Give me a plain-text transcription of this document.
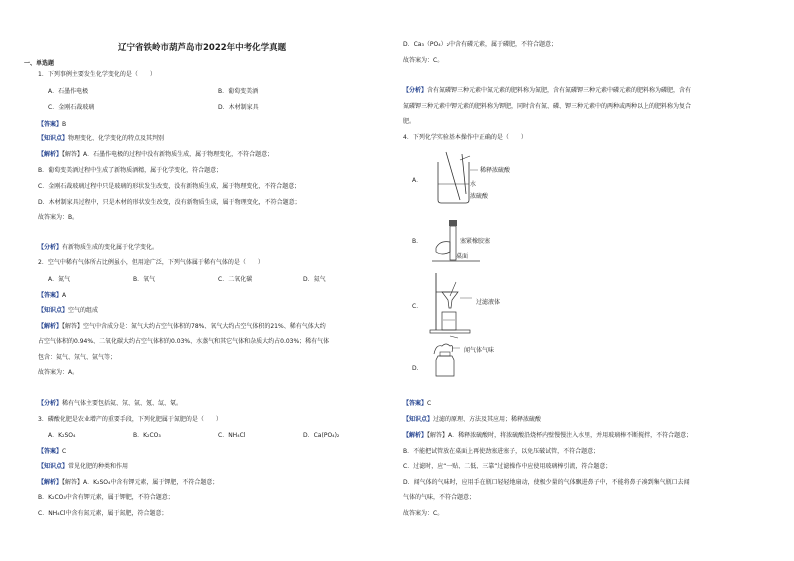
辽宁省铁岭市葫芦岛市2022年中考化学真题
一、单选题
1．下列事例主要发生化学变化的是（　　）
A．石墨作电极	B．葡萄变美酒
C．金刚石裁玻璃	D．木材制家具
【答案】B
【知识点】物理变化、化学变化的特点及其判别
【解析】【解答】A．石墨作电极的过程中没有新物质生成，属于物理变化，不符合题意；
B．葡萄变美酒过程中生成了新物质酒精，属于化学变化，符合题意；
C．金刚石裁玻璃过程中只是玻璃的形状发生改变，没有新物质生成，属于物理变化，不符合题意；
D．木材制家具过程中，只是木材的形状发生改变，没有新物质生成，属于物理变化，不符合题意；
故答案为：B。
【分析】有新物质生成的变化属于化学变化。
2．空气中稀有气体所占比例虽小，但用途广泛，下列气体属于稀有气体的是（　　）
A．氮气	B．氧气	C．二氧化碳	D．氦气
【答案】A
【知识点】空气的组成
【解析】【解答】空气中含成分是：氮气大约占空气体积的78%、氧气大约占空气体积的21%、稀有气体大约
占空气体积的0.94%、二氧化碳大约占空气体积的0.03%、水蒸气和其它气体和杂质大约占0.03%；稀有气体
包含：氦气、氖气、氩气等；
故答案为：A。
【分析】稀有气体主要包括氦、氖、氩、氪、氙、氡。
3．磷酸化肥是农业增产的重要手段，下列化肥属于氮肥的是（　　）
A．K₂SO₄	B．K₂CO₃	C．NH₄Cl	D．Ca(PO₄)₂
【答案】C
【知识点】常见化肥的种类和作用
【解析】【解答】A．K₂SO₄中含有钾元素，属于钾肥，不符合题意；
B．K₂CO₃中含有钾元素，属于钾肥，不符合题意；
C．NH₄Cl中含有氮元素，属于氮肥，符合题意；
D．Ca₃（PO₄）₂中含有磷元素，属于磷肥，不符合题意；
故答案为：C。
【分析】含有氮磷钾三种元素中氮元素的肥料称为氮肥，含有氮磷钾三种元素中磷元素的肥料称为磷肥，含有
氮磷钾三种元素中钾元素的肥料称为钾肥，同时含有氮、磷、钾三种元素中的两种或两种以上的肥料称为复合
肥。
4．下列化学实验基本操作中正确的是（　　）
A．
稀释浓硫酸
水
浓硫酸
B．	塞紧橡胶塞
桌面
C．
过滤液体
D．
闻气体气味
【答案】C
【知识点】过滤的原理、方法及其应用；稀释浓硫酸
【解析】【解答】A．稀释浓硫酸时，将浓硫酸沿烧杯内壁慢慢注入水里，并用玻璃棒不断搅拌，不符合题意；
B．不能把试管放在桌面上再使劲塞进塞子，以免压破试管，不符合题意；
C．过滤时，应“一贴、二低、三靠”过滤操作中应使用玻璃棒引流，符合题意；
D．闻气体的气味时，应用手在瓶口轻轻地扇动，使极少量的气体飘进鼻子中，不能将鼻子凑到集气瓶口去闻
气体的气味，不符合题意；
故答案为：C。
